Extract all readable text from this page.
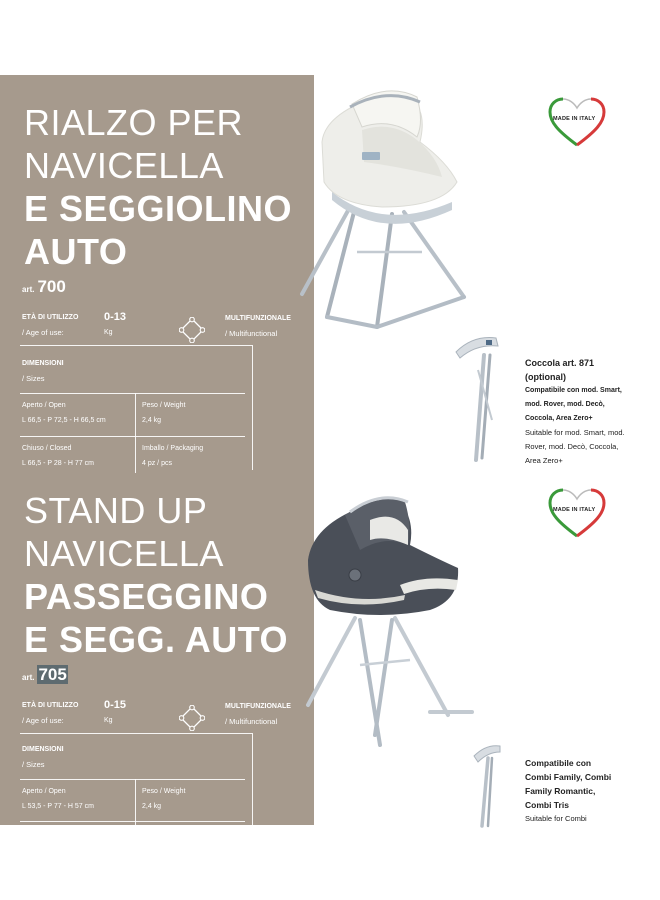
RIALZO PER
NAVICELLA
E SEGGIOLINO
AUTO
art. 700
ETÀ DI UTILIZZO
/ Age of use:
0-13
Kg
MULTIFUNZIONALE
/ Multifunctional
DIMENSIONI
/ Sizes
Aperto / Open
L 66,5 - P 72,5 - H 66,5 cm
Peso / Weight
2,4 kg
Chiuso / Closed
L 66,5 - P 28 - H 77 cm
Imballo / Packaging
4 pz / pcs
STAND UP
NAVICELLA
PASSEGGINO
E SEGG. AUTO
art. 705
ETÀ DI UTILIZZO
/ Age of use:
0-15
Kg
MULTIFUNZIONALE
/ Multifunctional
DIMENSIONI
/ Sizes
Aperto / Open
L 53,5 - P 77 - H 57 cm
Peso / Weight
2,4 kg
MADE IN ITALY
Coccola art. 871
(optional)
Compatibile con mod. Smart,
mod. Rover, mod. Decò,
Coccola, Area Zero+
Suitable for mod. Smart, mod.
Rover, mod. Decò, Coccola,
Area Zero+
MADE IN ITALY
Compatibile con
Combi Family, Combi
Family Romantic,
Combi Tris
Suitable for Combi
